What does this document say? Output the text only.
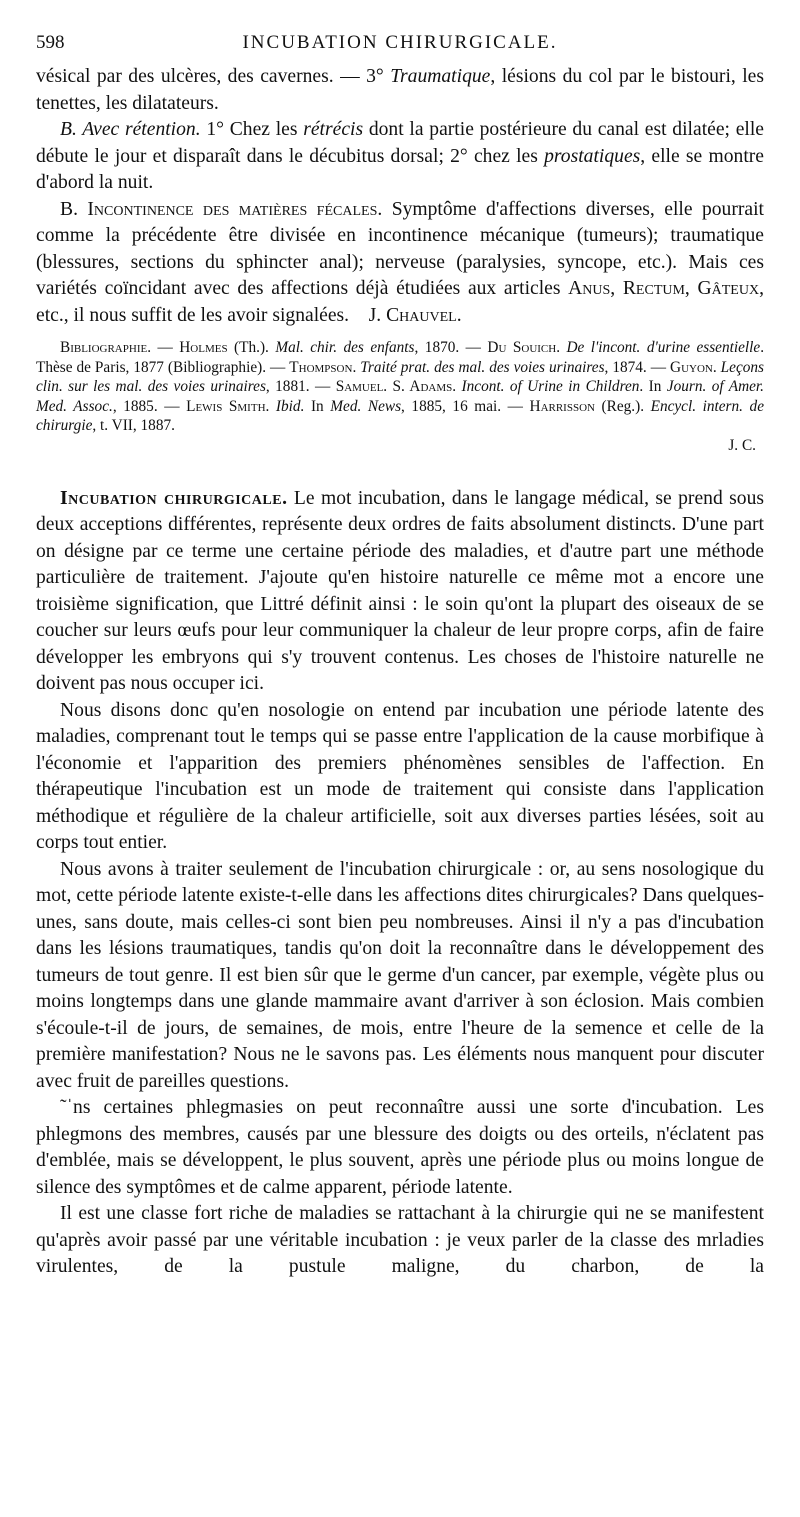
598	INCUBATION CHIRURGICALE.

vésical par des ulcères, des cavernes. — 3° Traumatique, lésions du col par le bistouri, les tenettes, les dilatateurs.

B. Avec rétention. 1° Chez les rétrécis dont la partie postérieure du canal est dilatée; elle débute le jour et disparaît dans le décubitus dorsal; 2° chez les prostatiques, elle se montre d'abord la nuit.

B. Incontinence des matières fécales. Symptôme d'affections diverses, elle pourrait comme la précédente être divisée en incontinence mécanique (tumeurs); traumatique (blessures, sections du sphincter anal); nerveuse (paralysies, syncope, etc.). Mais ces variétés coïncidant avec des affections déjà étudiées aux articles Anus, Rectum, Gâteux, etc., il nous suffit de les avoir signalées. J. Chauvel.

Bibliographie. — Holmes (Th.). Mal. chir. des enfants, 1870. — Du Souich. De l'incont. d'urine essentielle. Thèse de Paris, 1877 (Bibliographie). — Thompson. Traité prat. des mal. des voies urinaires, 1874. — Guyon. Leçons clin. sur les mal. des voies urinaires, 1881. — Samuel. S. Adams. Incont. of Urine in Children. In Journ. of Amer. Med. Assoc., 1885. — Lewis Smith. Ibid. In Med. News, 1885, 16 mai. — Harrisson (Reg.). Encycl. intern. de chirurgie, t. VII, 1887.

J. C.

Incubation chirurgicale. Le mot incubation, dans le langage médical, se prend sous deux acceptions différentes, représente deux ordres de faits absolument distincts. D'une part on désigne par ce terme une certaine période des maladies, et d'autre part une méthode particulière de traitement. J'ajoute qu'en histoire naturelle ce même mot a encore une troisième signification, que Littré définit ainsi : le soin qu'ont la plupart des oiseaux de se coucher sur leurs œufs pour leur communiquer la chaleur de leur propre corps, afin de faire développer les embryons qui s'y trouvent contenus. Les choses de l'histoire naturelle ne doivent pas nous occuper ici.

Nous disons donc qu'en nosologie on entend par incubation une période latente des maladies, comprenant tout le temps qui se passe entre l'application de la cause morbifique à l'économie et l'apparition des premiers phénomènes sensibles de l'affection. En thérapeutique l'incubation est un mode de traitement qui consiste dans l'application méthodique et régulière de la chaleur artificielle, soit aux diverses parties lésées, soit au corps tout entier.

Nous avons à traiter seulement de l'incubation chirurgicale : or, au sens nosologique du mot, cette période latente existe-t-elle dans les affections dites chirurgicales? Dans quelques-unes, sans doute, mais celles-ci sont bien peu nombreuses. Ainsi il n'y a pas d'incubation dans les lésions traumatiques, tandis qu'on doit la reconnaître dans le développement des tumeurs de tout genre. Il est bien sûr que le germe d'un cancer, par exemple, végète plus ou moins longtemps dans une glande mammaire avant d'arriver à son éclosion. Mais combien s'écoule-t-il de jours, de semaines, de mois, entre l'heure de la semence et celle de la première manifestation? Nous ne le savons pas. Les éléments nous manquent pour discuter avec fruit de pareilles questions.

˜ˈns certaines phlegmasies on peut reconnaître aussi une sorte d'incubation. Les phlegmons des membres, causés par une blessure des doigts ou des orteils, n'éclatent pas d'emblée, mais se développent, le plus souvent, après une période plus ou moins longue de silence des symptômes et de calme apparent, période latente.

Il est une classe fort riche de maladies se rattachant à la chirurgie qui ne se manifestent qu'après avoir passé par une véritable incubation : je veux parler de la classe des mrladies virulentes, de la pustule maligne, du charbon, de la
